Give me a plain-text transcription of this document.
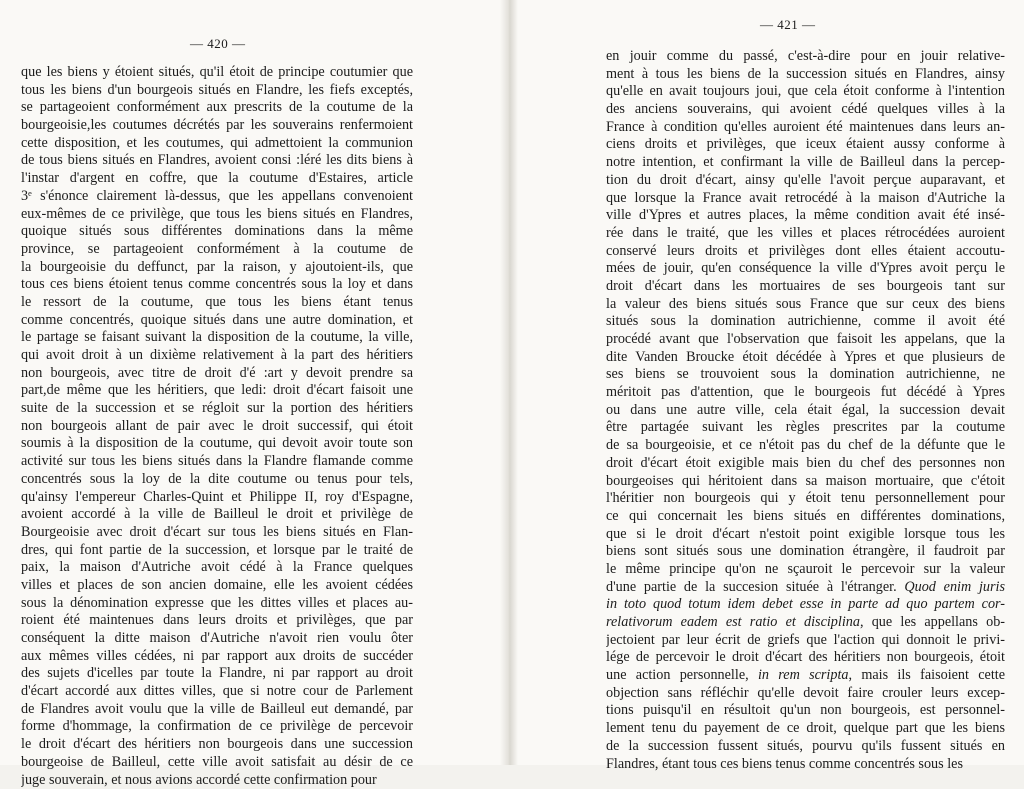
— 420 —
que les biens y étoient situés, qu'il étoit de principe coutumier que
tous les biens d'un bourgeois situés en Flandre, les fiefs exceptés,
se partageoient conformément aux prescrits de la coutume de la
bourgeoisie,les coutumes décrétés par les souverains renfermoient
cette disposition, et les coutumes, qui admettoient la communion
de tous biens situés en Flandres, avoient consi :léré les dits biens à
l'instar d'argent en coffre, que la coutume d'Estaires, article
3ᵉ s'énonce clairement là-dessus, que les appellans convenoient
eux-mêmes de ce privilège, que tous les biens situés en Flandres,
quoique situés sous différentes dominations dans la même
province, se partageoient conformément à la coutume de
la bourgeoisie du deffunct, par la raison, y ajoutoient-ils, que
tous ces biens étoient tenus comme concentrés sous la loy et dans
le ressort de la coutume, que tous les biens étant tenus
comme concentrés, quoique situés dans une autre domination, et
le partage se faisant suivant la disposition de la coutume, la ville,
qui avoit droit à un dixième relativement à la part des héritiers
non bourgeois, avec titre de droit d'é :art y devoit prendre sa
part,de même que les héritiers, que ledi: droit d'écart faisoit une
suite de la succession et se régloit sur la portion des héritiers
non bourgeois allant de pair avec le droit successif, qui étoit
soumis à la disposition de la coutume, qui devoit avoir toute son
activité sur tous les biens situés dans la Flandre flamande comme
concentrés sous la loy de la dite coutume ou tenus pour tels,
qu'ainsy l'empereur Charles-Quint et Philippe II, roy d'Espagne,
avoient accordé à la ville de Bailleul le droit et privilège de
Bourgeoisie avec droit d'écart sur tous les biens situés en Flan-
dres, qui font partie de la succession, et lorsque par le traité de
paix, la maison d'Autriche avoit cédé à la France quelques
villes et places de son ancien domaine, elle les avoient cédées
sous la dénomination expresse que les dittes villes et places au-
roient été maintenues dans leurs droits et privilèges, que par
conséquent la ditte maison d'Autriche n'avoit rien voulu ôter
aux mêmes villes cédées, ni par rapport aux droits de succéder
des sujets d'icelles par toute la Flandre, ni par rapport au droit
d'écart accordé aux dittes villes, que si notre cour de Parlement
de Flandres avoit voulu que la ville de Bailleul eut demandé, par
forme d'hommage, la confirmation de ce privilège de percevoir
le droit d'écart des héritiers non bourgeois dans une succession
bourgeoise de Bailleul, cette ville avoit satisfait au désir de ce
juge souverain, et nous avions accordé cette confirmation pour
— 421 —
en jouir comme du passé, c'est-à-dire pour en jouir relative-
ment à tous les biens de la succession situés en Flandres, ainsy
qu'elle en avait toujours joui, que cela étoit conforme à l'intention
des anciens souverains, qui avoient cédé quelques villes à la
France à condition qu'elles auroient été maintenues dans leurs an-
ciens droits et privilèges, que iceux étaient aussy conforme à
notre intention, et confirmant la ville de Bailleul dans la percep-
tion du droit d'écart, ainsy qu'elle l'avoit perçue auparavant, et
que lorsque la France avait retrocédé à la maison d'Autriche la
ville d'Ypres et autres places, la même condition avait été insé-
rée dans le traité, que les villes et places rétrocédées auroient
conservé leurs droits et privilèges dont elles étaient accoutu-
mées de jouir, qu'en conséquence la ville d'Ypres avoit perçu le
droit d'écart dans les mortuaires de ses bourgeois tant sur
la valeur des biens situés sous France que sur ceux des biens
situés sous la domination autrichienne, comme il avoit été
procédé avant que l'observation que faisoit les appelans, que la
dite Vanden Broucke étoit décédée à Ypres et que plusieurs de
ses biens se trouvoient sous la domination autrichienne, ne
méritoit pas d'attention, que le bourgeois fut décédé à Ypres
ou dans une autre ville, cela était égal, la succession devait
être partagée suivant les règles prescrites par la coutume
de sa bourgeoisie, et ce n'étoit pas du chef de la défunte que le
droit d'écart étoit exigible mais bien du chef des personnes non
bourgeoises qui héritoient dans sa maison mortuaire, que c'étoit
l'héritier non bourgeois qui y étoit tenu personnellement pour
ce qui concernait les biens situés en différentes dominations,
que si le droit d'écart n'estoit point exigible lorsque tous les
biens sont situés sous une domination étrangère, il faudroit par
le même principe qu'on ne sçauroit le percevoir sur la valeur
d'une partie de la succesion située à l'étranger. Quod enim juris
in toto quod totum idem debet esse in parte ad quo partem cor-
relativorum eadem est ratio et disciplina, que les appellans ob-
jectoient par leur écrit de griefs que l'action qui donnoit le privi-
lége de percevoir le droit d'écart des héritiers non bourgeois, étoit
une action personnelle, in rem scripta, mais ils faisoient cette
objection sans réfléchir qu'elle devoit faire crouler leurs excep-
tions puisqu'il en résultoit qu'un non bourgeois, est personnel-
lement tenu du payement de ce droit, quelque part que les biens
de la succession fussent situés, pourvu qu'ils fussent situés en
Flandres, étant tous ces biens tenus comme concentrés sous les
